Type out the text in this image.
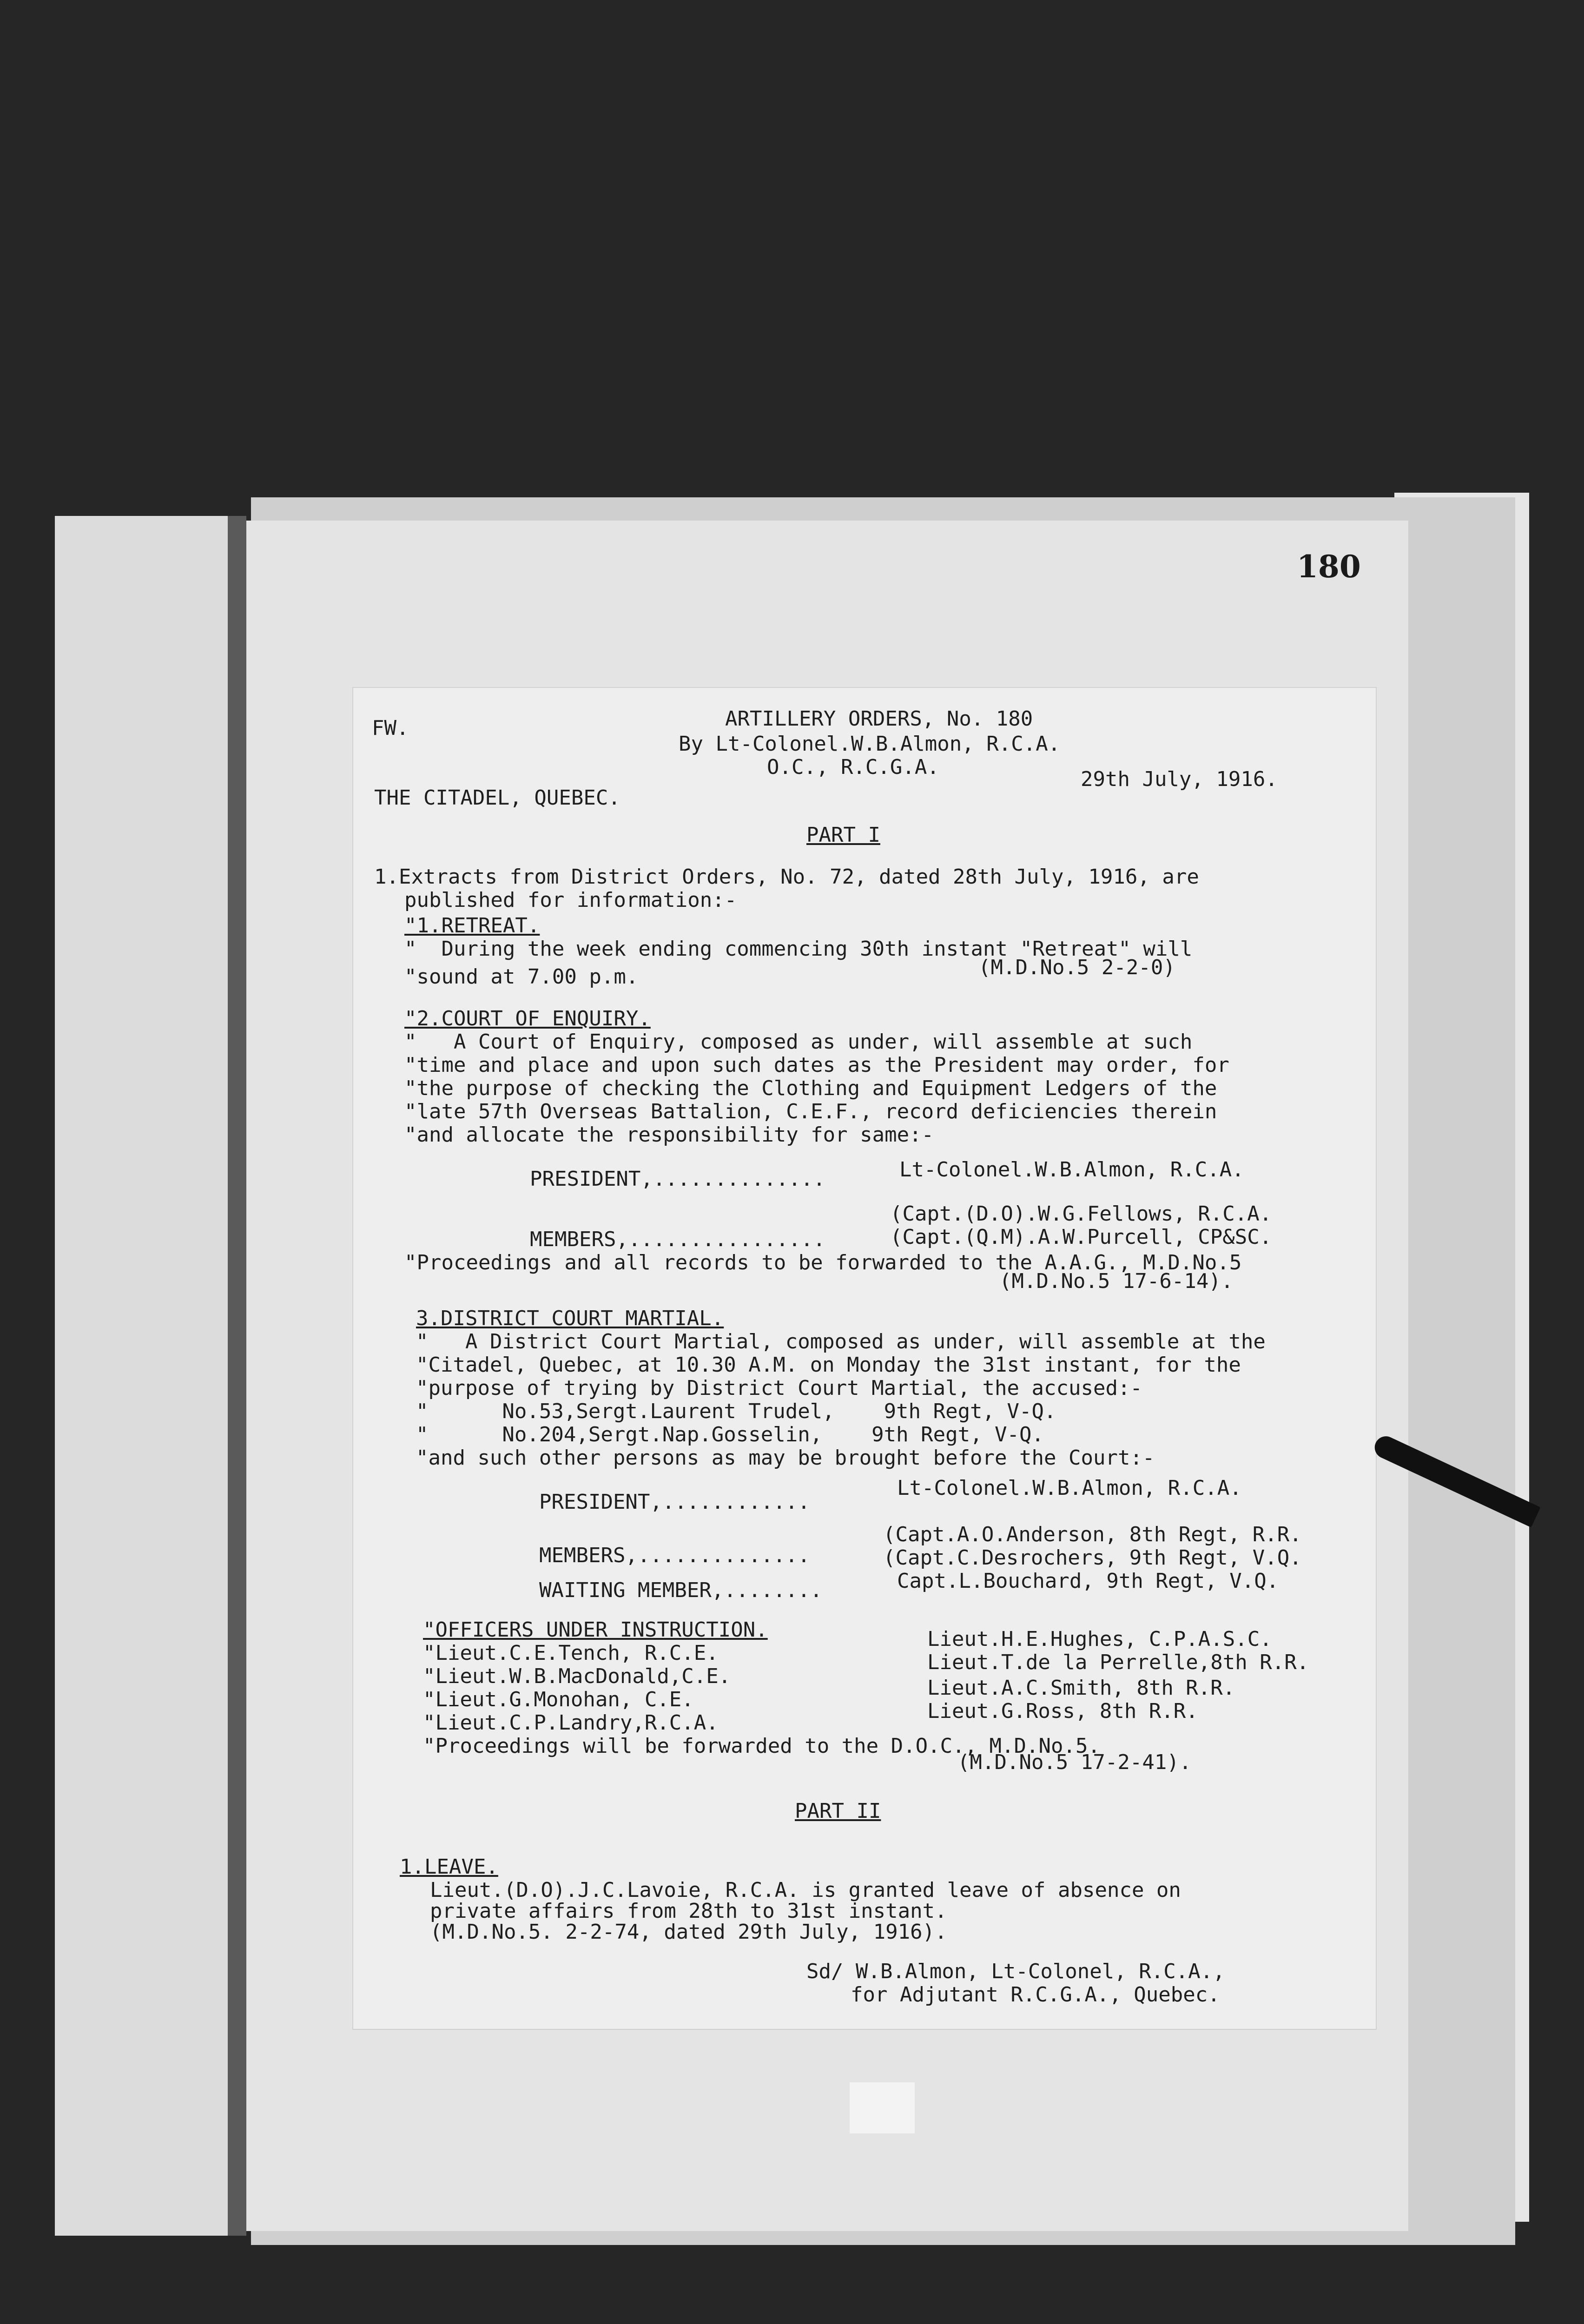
180
FW.	ARTILLERY ORDERS, No. 180
By Lt-Colonel.W.B.Almon, R.C.A.
O.C., R.C.G.A.
THE CITADEL, QUEBEC.
29th July, 1916.
PART I
1.Extracts from District Orders, No. 72, dated 28th July, 1916, are
published for information:-
"1.RETREAT.
"  During the week ending commencing 30th instant "Retreat" will
"sound at 7.00 p.m.	(M.D.No.5 2-2-0)
"2.COURT OF ENQUIRY.
"   A Court of Enquiry, composed as under, will assemble at such
"time and place and upon such dates as the President may order, for
"the purpose of checking the Clothing and Equipment Ledgers of the
"late 57th Overseas Battalion, C.E.F., record deficiencies therein
"and allocate the responsibility for same:-
PRESIDENT,..............	Lt-Colonel.W.B.Almon, R.C.A.
MEMBERS,................
(Capt.(D.O).W.G.Fellows, R.C.A.
(Capt.(Q.M).A.W.Purcell, CP&SC.
"Proceedings and all records to be forwarded to the A.A.G., M.D.No.5
(M.D.No.5 17-6-14).
3.DISTRICT COURT MARTIAL.
"   A District Court Martial, composed as under, will assemble at the
"Citadel, Quebec, at 10.30 A.M. on Monday the 31st instant, for the
"purpose of trying by District Court Martial, the accused:-
"      No.53,Sergt.Laurent Trudel,    9th Regt, V-Q.
"      No.204,Sergt.Nap.Gosselin,    9th Regt, V-Q.
"and such other persons as may be brought before the Court:-
PRESIDENT,............
Lt-Colonel.W.B.Almon, R.C.A.
MEMBERS,..............
(Capt.A.O.Anderson, 8th Regt, R.R.
(Capt.C.Desrochers, 9th Regt, V.Q.
WAITING MEMBER,........	Capt.L.Bouchard, 9th Regt, V.Q.
"OFFICERS UNDER INSTRUCTION.
"Lieut.C.E.Tench, R.C.E.
"Lieut.W.B.MacDonald,C.E.
"Lieut.G.Monohan, C.E.
"Lieut.C.P.Landry,R.C.A.
Lieut.H.E.Hughes, C.P.A.S.C.
Lieut.T.de la Perrelle,8th R.R.
Lieut.A.C.Smith, 8th R.R.
Lieut.G.Ross, 8th R.R.
"Proceedings will be forwarded to the D.O.C., M.D.No.5.
(M.D.No.5 17-2-41).
PART II
1.LEAVE.
Lieut.(D.O).J.C.Lavoie, R.C.A. is granted leave of absence on
private affairs from 28th to 31st instant.
(M.D.No.5. 2-2-74, dated 29th July, 1916).
Sd/ W.B.Almon, Lt-Colonel, R.C.A.,
for Adjutant R.C.G.A., Quebec.
